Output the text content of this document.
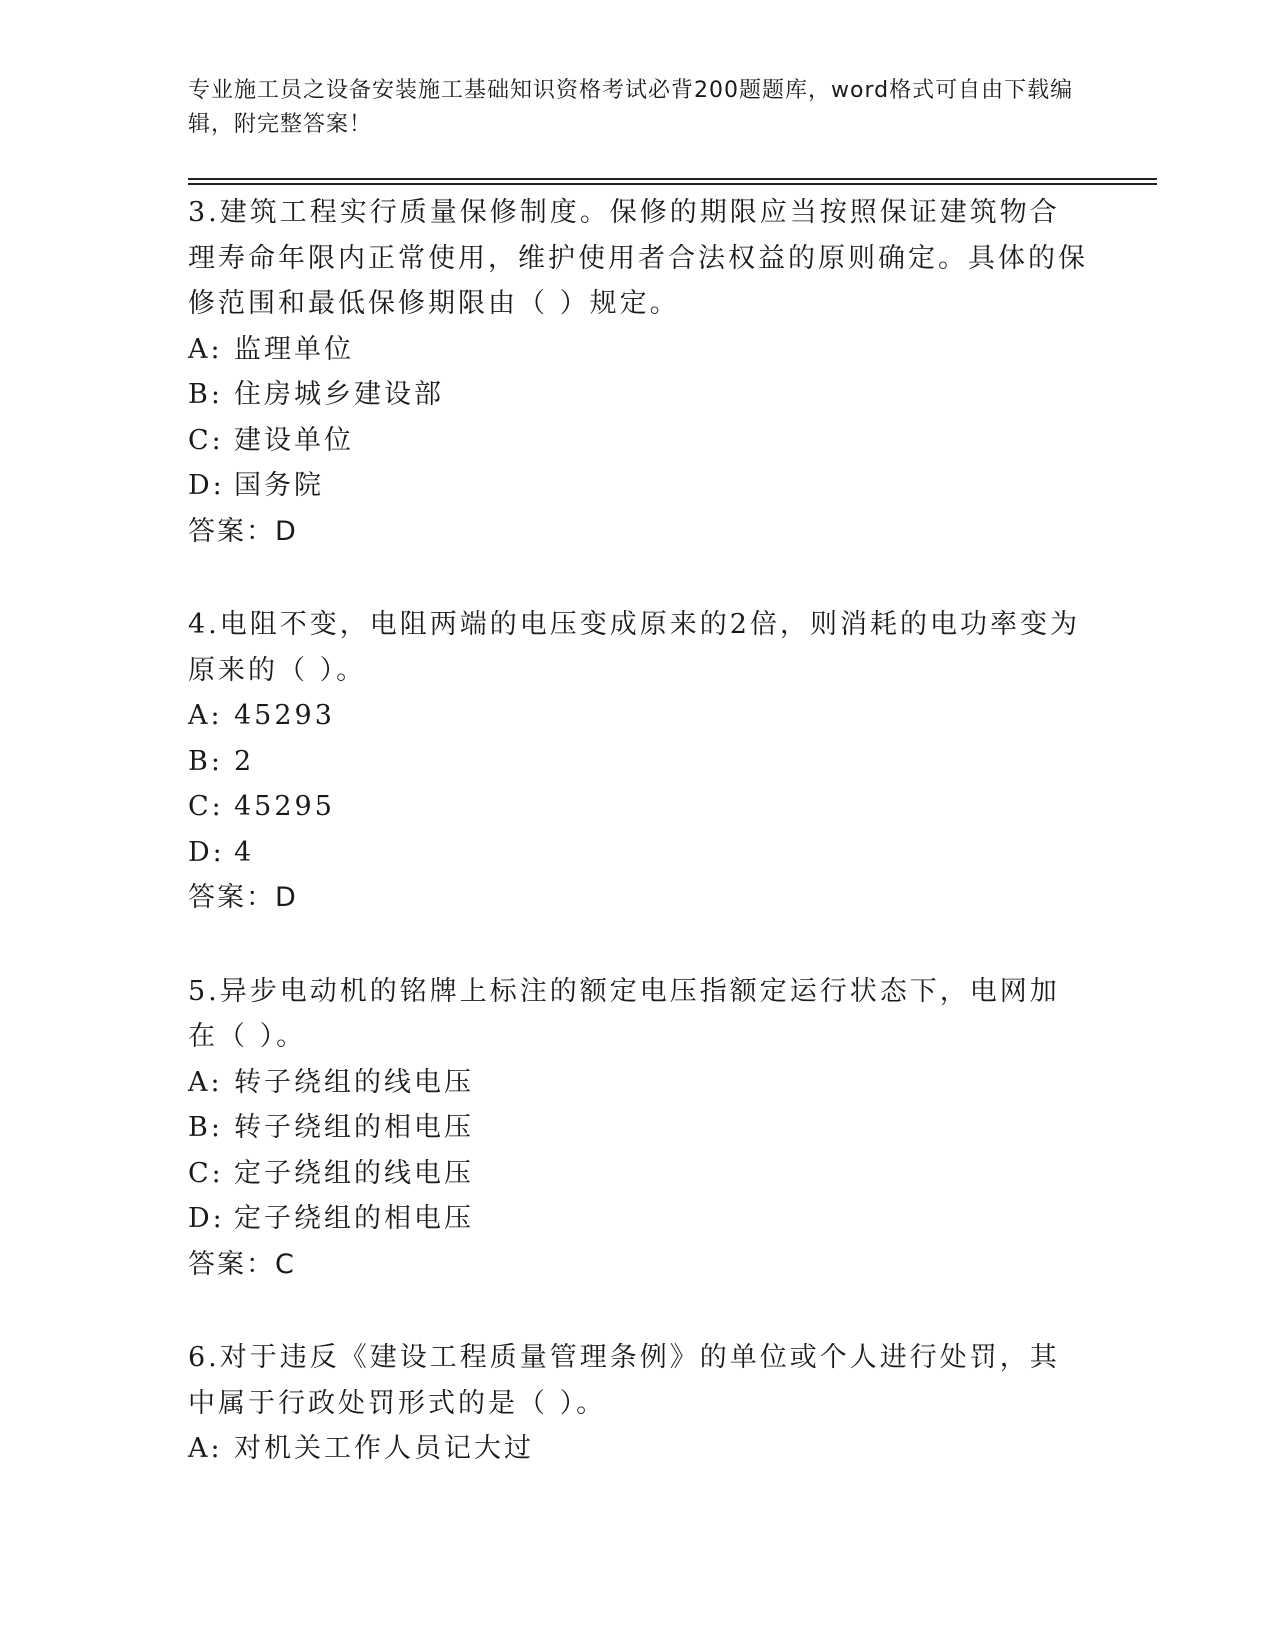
专业施工员之设备安装施工基础知识资格考试必背200题题库，word格式可自由下载编辑，附完整答案！

3.建筑工程实行质量保修制度。保修的期限应当按照保证建筑物合理寿命年限内正常使用，维护使用者合法权益的原则确定。具体的保修范围和最低保修期限由（ ）规定。

A: 监理单位

B: 住房城乡建设部

C: 建设单位

D: 国务院

答案：D

4.电阻不变，电阻两端的电压变成原来的2倍，则消耗的电功率变为原来的（ ）。

A: 45293

B: 2

C: 45295

D: 4

答案：D

5.异步电动机的铭牌上标注的额定电压指额定运行状态下，电网加在（ ）。

A: 转子绕组的线电压

B: 转子绕组的相电压

C: 定子绕组的线电压

D: 定子绕组的相电压

答案：C

6.对于违反《建设工程质量管理条例》的单位或个人进行处罚，其中属于行政处罚形式的是（ ）。

A: 对机关工作人员记大过
